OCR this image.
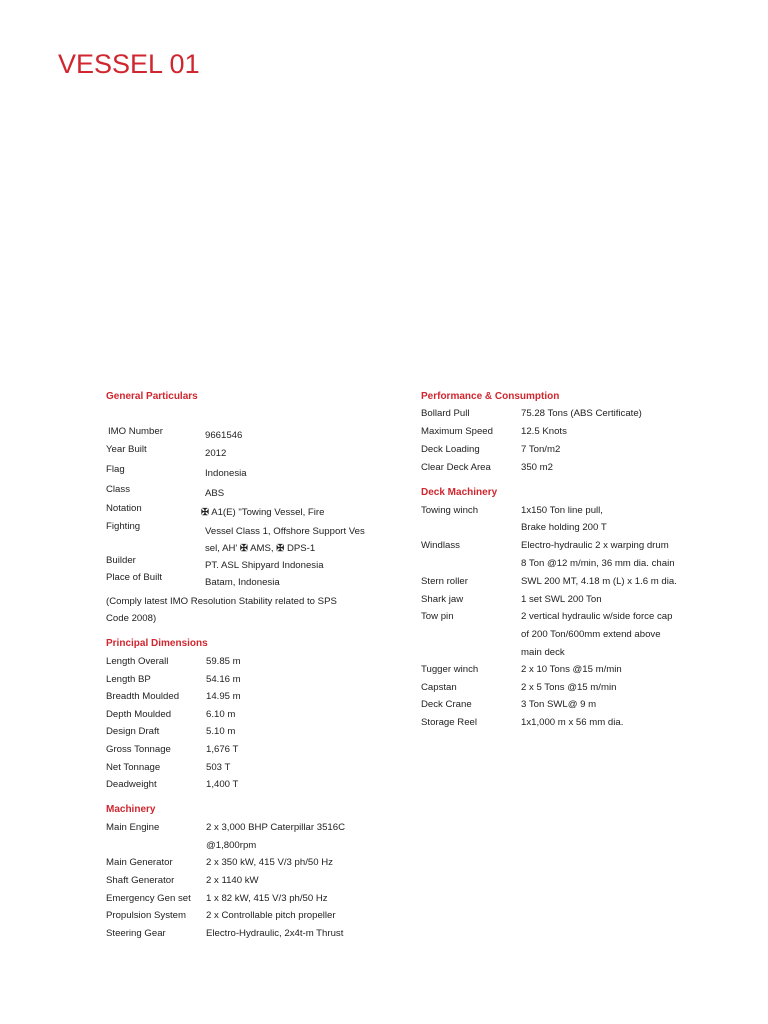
VESSEL 01
General Particulars
IMO Number	9661546
Year Built	2012
Flag	Indonesia
Class	ABS
Notation	✠ A1(E) "Towing Vessel, Fire
Fighting	Vessel Class 1, Offshore Support Ves
sel, AH' ✠ AMS, ✠ DPS-1
Builder	PT. ASL Shipyard Indonesia
Place of Built	Batam, Indonesia
(Comply latest IMO Resolution Stability related to SPS
Code 2008)
Principal Dimensions
Length Overall	59.85 m
Length BP	54.16 m
Breadth Moulded	14.95 m
Depth Moulded	6.10 m
Design Draft	5.10 m
Gross Tonnage	1,676 T
Net Tonnage	503 T
Deadweight	1,400 T
Machinery
Main Engine	2 x 3,000 BHP Caterpillar 3516C
@1,800rpm
Main Generator	2 x 350 kW, 415 V/3 ph/50 Hz
Shaft Generator	2 x 1140 kW
Emergency Gen set 1 x 82 kW, 415 V/3 ph/50 Hz
Propulsion System 2 x Controllable pitch propeller
Steering Gear	Electro-Hydraulic, 2x4t-m Thrust
Performance & Consumption
Bollard Pull	75.28 Tons (ABS Certificate)
Maximum Speed	12.5 Knots
Deck Loading	7 Ton/m2
Clear Deck Area	350 m2
Deck Machinery
Towing winch	1x150 Ton line pull,
Brake holding 200 T
Windlass	Electro-hydraulic 2 x warping drum
8 Ton @12 m/min, 36 mm dia. chain
Stern roller	SWL 200 MT, 4.18 m (L) x 1.6 m dia.
Shark jaw	1 set SWL 200 Ton
Tow pin	2 vertical hydraulic w/side force cap
of 200 Ton/600mm extend above
main deck
Tugger winch	2 x 10 Tons @15 m/min
Capstan	2 x 5 Tons @15 m/min
Deck Crane	3 Ton SWL@ 9 m
Storage Reel	1x1,000 m x 56 mm dia.
